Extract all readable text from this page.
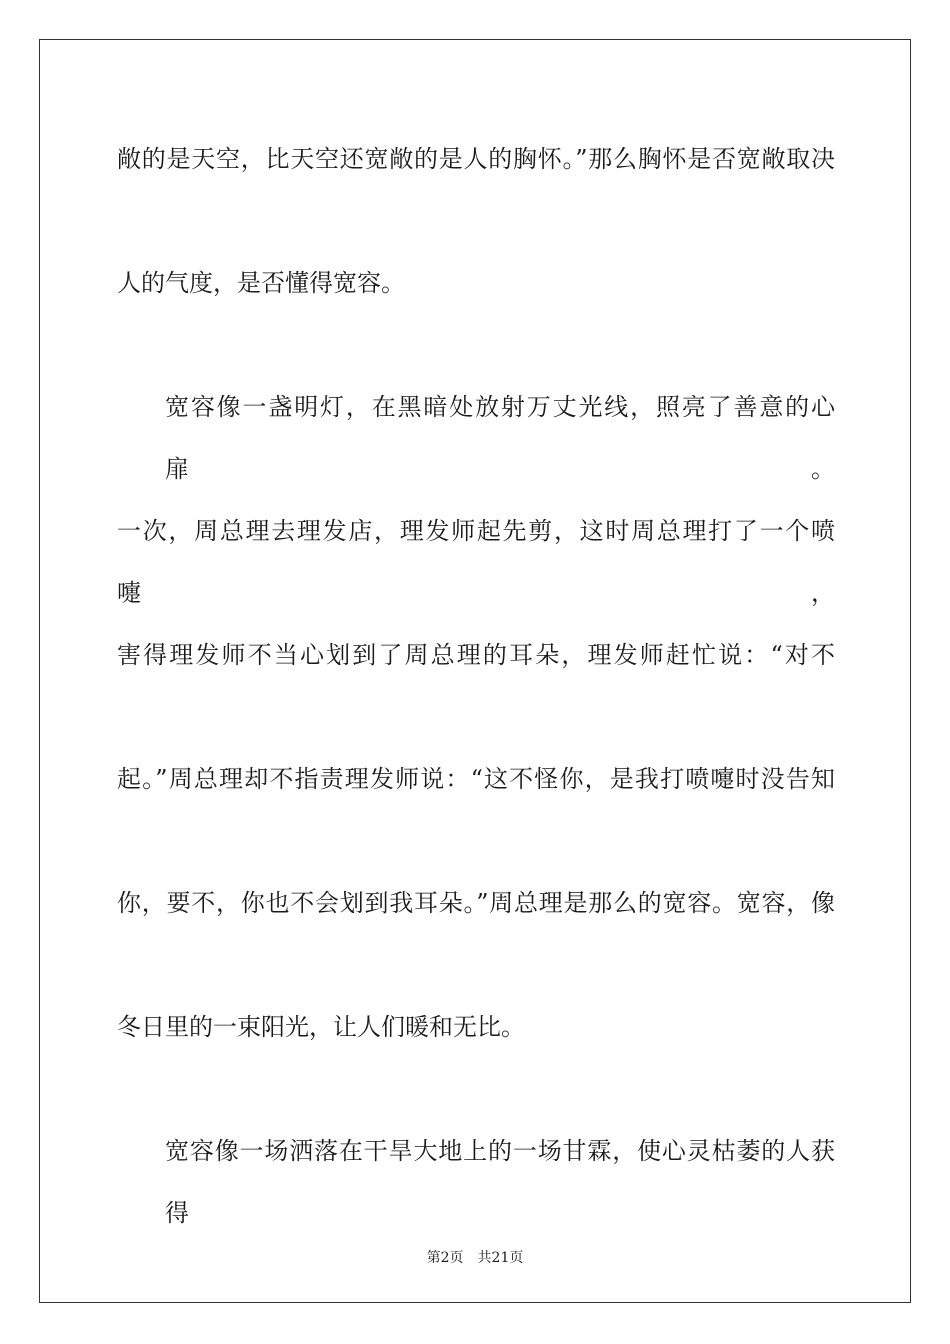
敞的是天空，比天空还宽敞的是人的胸怀。”那么胸怀是否宽敞取决
人的气度，是否懂得宽容。
宽容像一盏明灯，在黑暗处放射万丈光线，照亮了善意的心扉。
一次，周总理去理发店，理发师起先剪，这时周总理打了一个喷嚏，
害得理发师不当心划到了周总理的耳朵，理发师赶忙说：“对不
起。”周总理却不指责理发师说：“这不怪你，是我打喷嚏时没告知
你，要不，你也不会划到我耳朵。”周总理是那么的宽容。宽容，像
冬日里的一束阳光，让人们暖和无比。
宽容像一场洒落在干旱大地上的一场甘霖，使心灵枯萎的人获得
第2页 共21页
